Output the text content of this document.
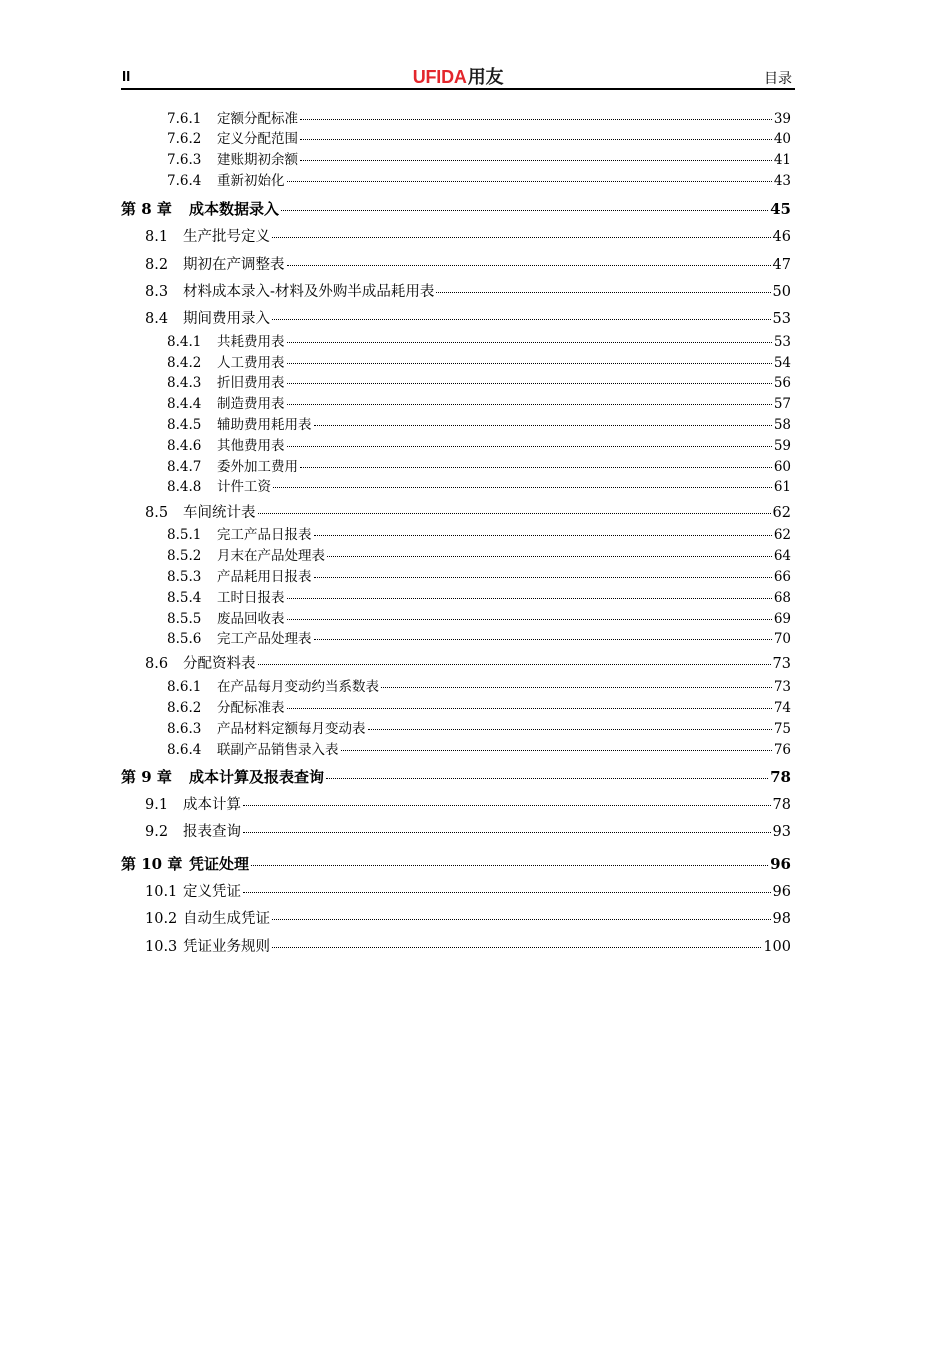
II	UFIDA用友	目录
7.6.1	定额分配标准	39
7.6.2	定义分配范围	40
7.6.3	建账期初余额	41
7.6.4	重新初始化	43
第 8 章	成本数据录入	45
8.1	生产批号定义	46
8.2	期初在产调整表	47
8.3	材料成本录入-材料及外购半成品耗用表	50
8.4	期间费用录入	53
8.4.1	共耗费用表	53
8.4.2	人工费用表	54
8.4.3	折旧费用表	56
8.4.4	制造费用表	57
8.4.5	辅助费用耗用表	58
8.4.6	其他费用表	59
8.4.7	委外加工费用	60
8.4.8	计件工资	61
8.5	车间统计表	62
8.5.1	完工产品日报表	62
8.5.2	月末在产品处理表	64
8.5.3	产品耗用日报表	66
8.5.4	工时日报表	68
8.5.5	废品回收表	69
8.5.6	完工产品处理表	70
8.6	分配资料表	73
8.6.1	在产品每月变动约当系数表	73
8.6.2	分配标准表	74
8.6.3	产品材料定额每月变动表	75
8.6.4	联副产品销售录入表	76
第 9 章	成本计算及报表查询	78
9.1	成本计算	78
9.2	报表查询	93
第 10 章 凭证处理	96
10.1 定义凭证	96
10.2 自动生成凭证	98
10.3 凭证业务规则	100
